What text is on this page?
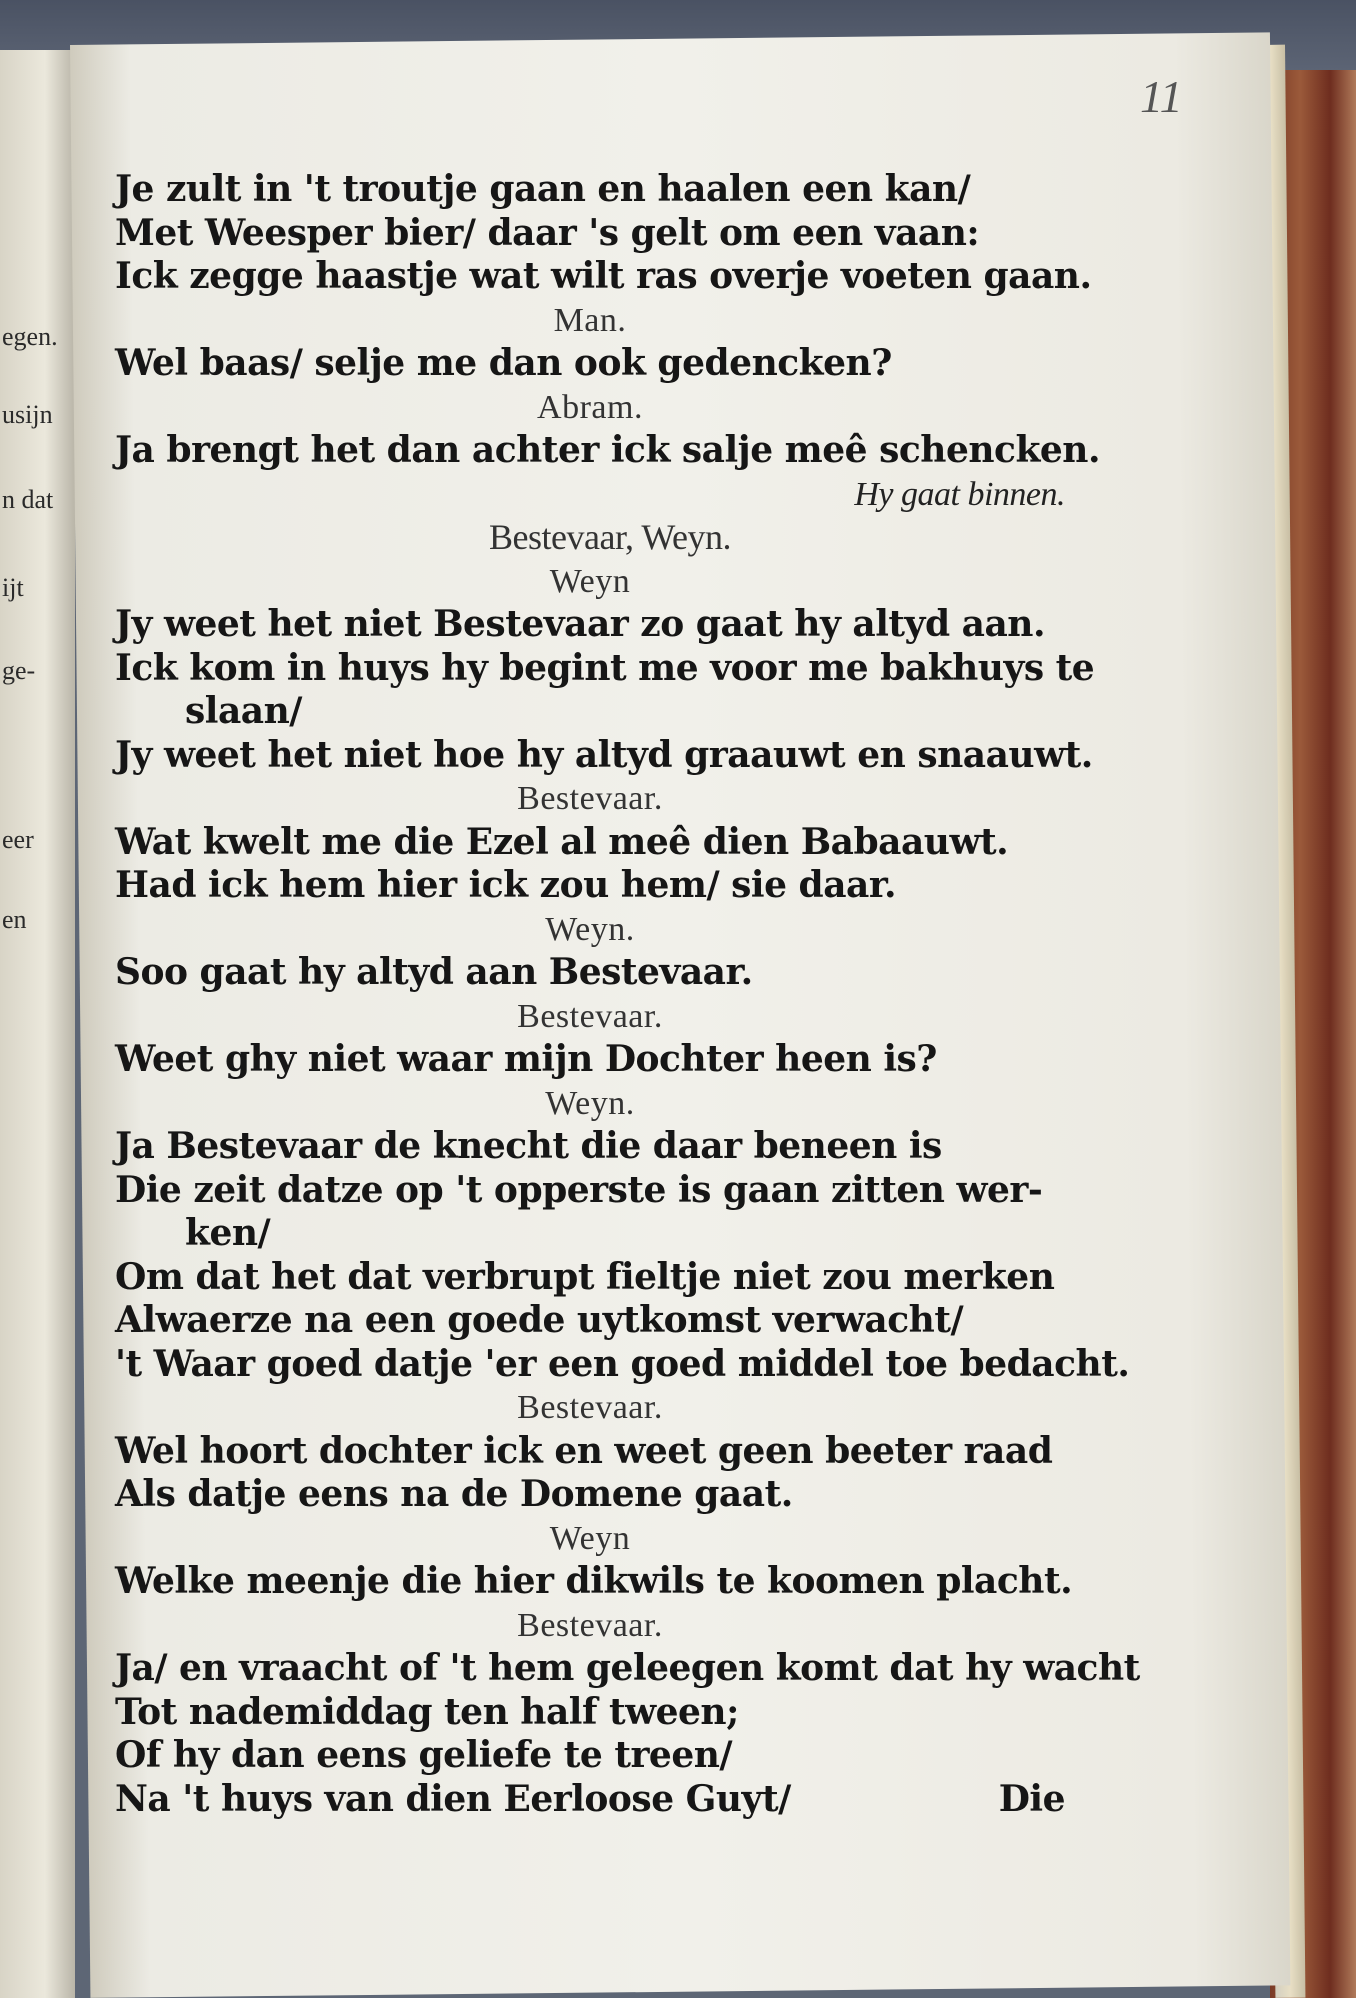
egen.
usijn
n dat
ijt
ge-
eer
en
11
Je zult in 't troutje gaan en haalen een kan/
Met Weesper bier/ daar 's gelt om een vaan:
Ick zegge haastje wat wilt ras overje voeten gaan.
Man.
Wel baas/ selje me dan ook gedencken?
Abram.
Ja brengt het dan achter ick salje meê schencken.
Hy gaat binnen.
Bestevaar, Weyn.
Weyn
Jy weet het niet Bestevaar zo gaat hy altyd aan.
Ick kom in huys hy begint me voor me bakhuys te
slaan/
Jy weet het niet hoe hy altyd graauwt en snaauwt.
Bestevaar.
Wat kwelt me die Ezel al meê dien Babaauwt.
Had ick hem hier ick zou hem/ sie daar.
Weyn.
Soo gaat hy altyd aan Bestevaar.
Bestevaar.
Weet ghy niet waar mijn Dochter heen is?
Weyn.
Ja Bestevaar de knecht die daar beneen is
Die zeit datze op 't opperste is gaan zitten wer-
ken/
Om dat het dat verbrupt fieltje niet zou merken
Alwaerze na een goede uytkomst verwacht/
't Waar goed datje 'er een goed middel toe bedacht.
Bestevaar.
Wel hoort dochter ick en weet geen beeter raad
Als datje eens na de Domene gaat.
Weyn
Welke meenje die hier dikwils te koomen placht.
Bestevaar.
Ja/ en vraacht of 't hem geleegen komt dat hy wacht
Tot nademiddag ten half tween;
Of hy dan eens geliefe te treen/
Na 't huys van dien Eerloose Guyt/	Die
